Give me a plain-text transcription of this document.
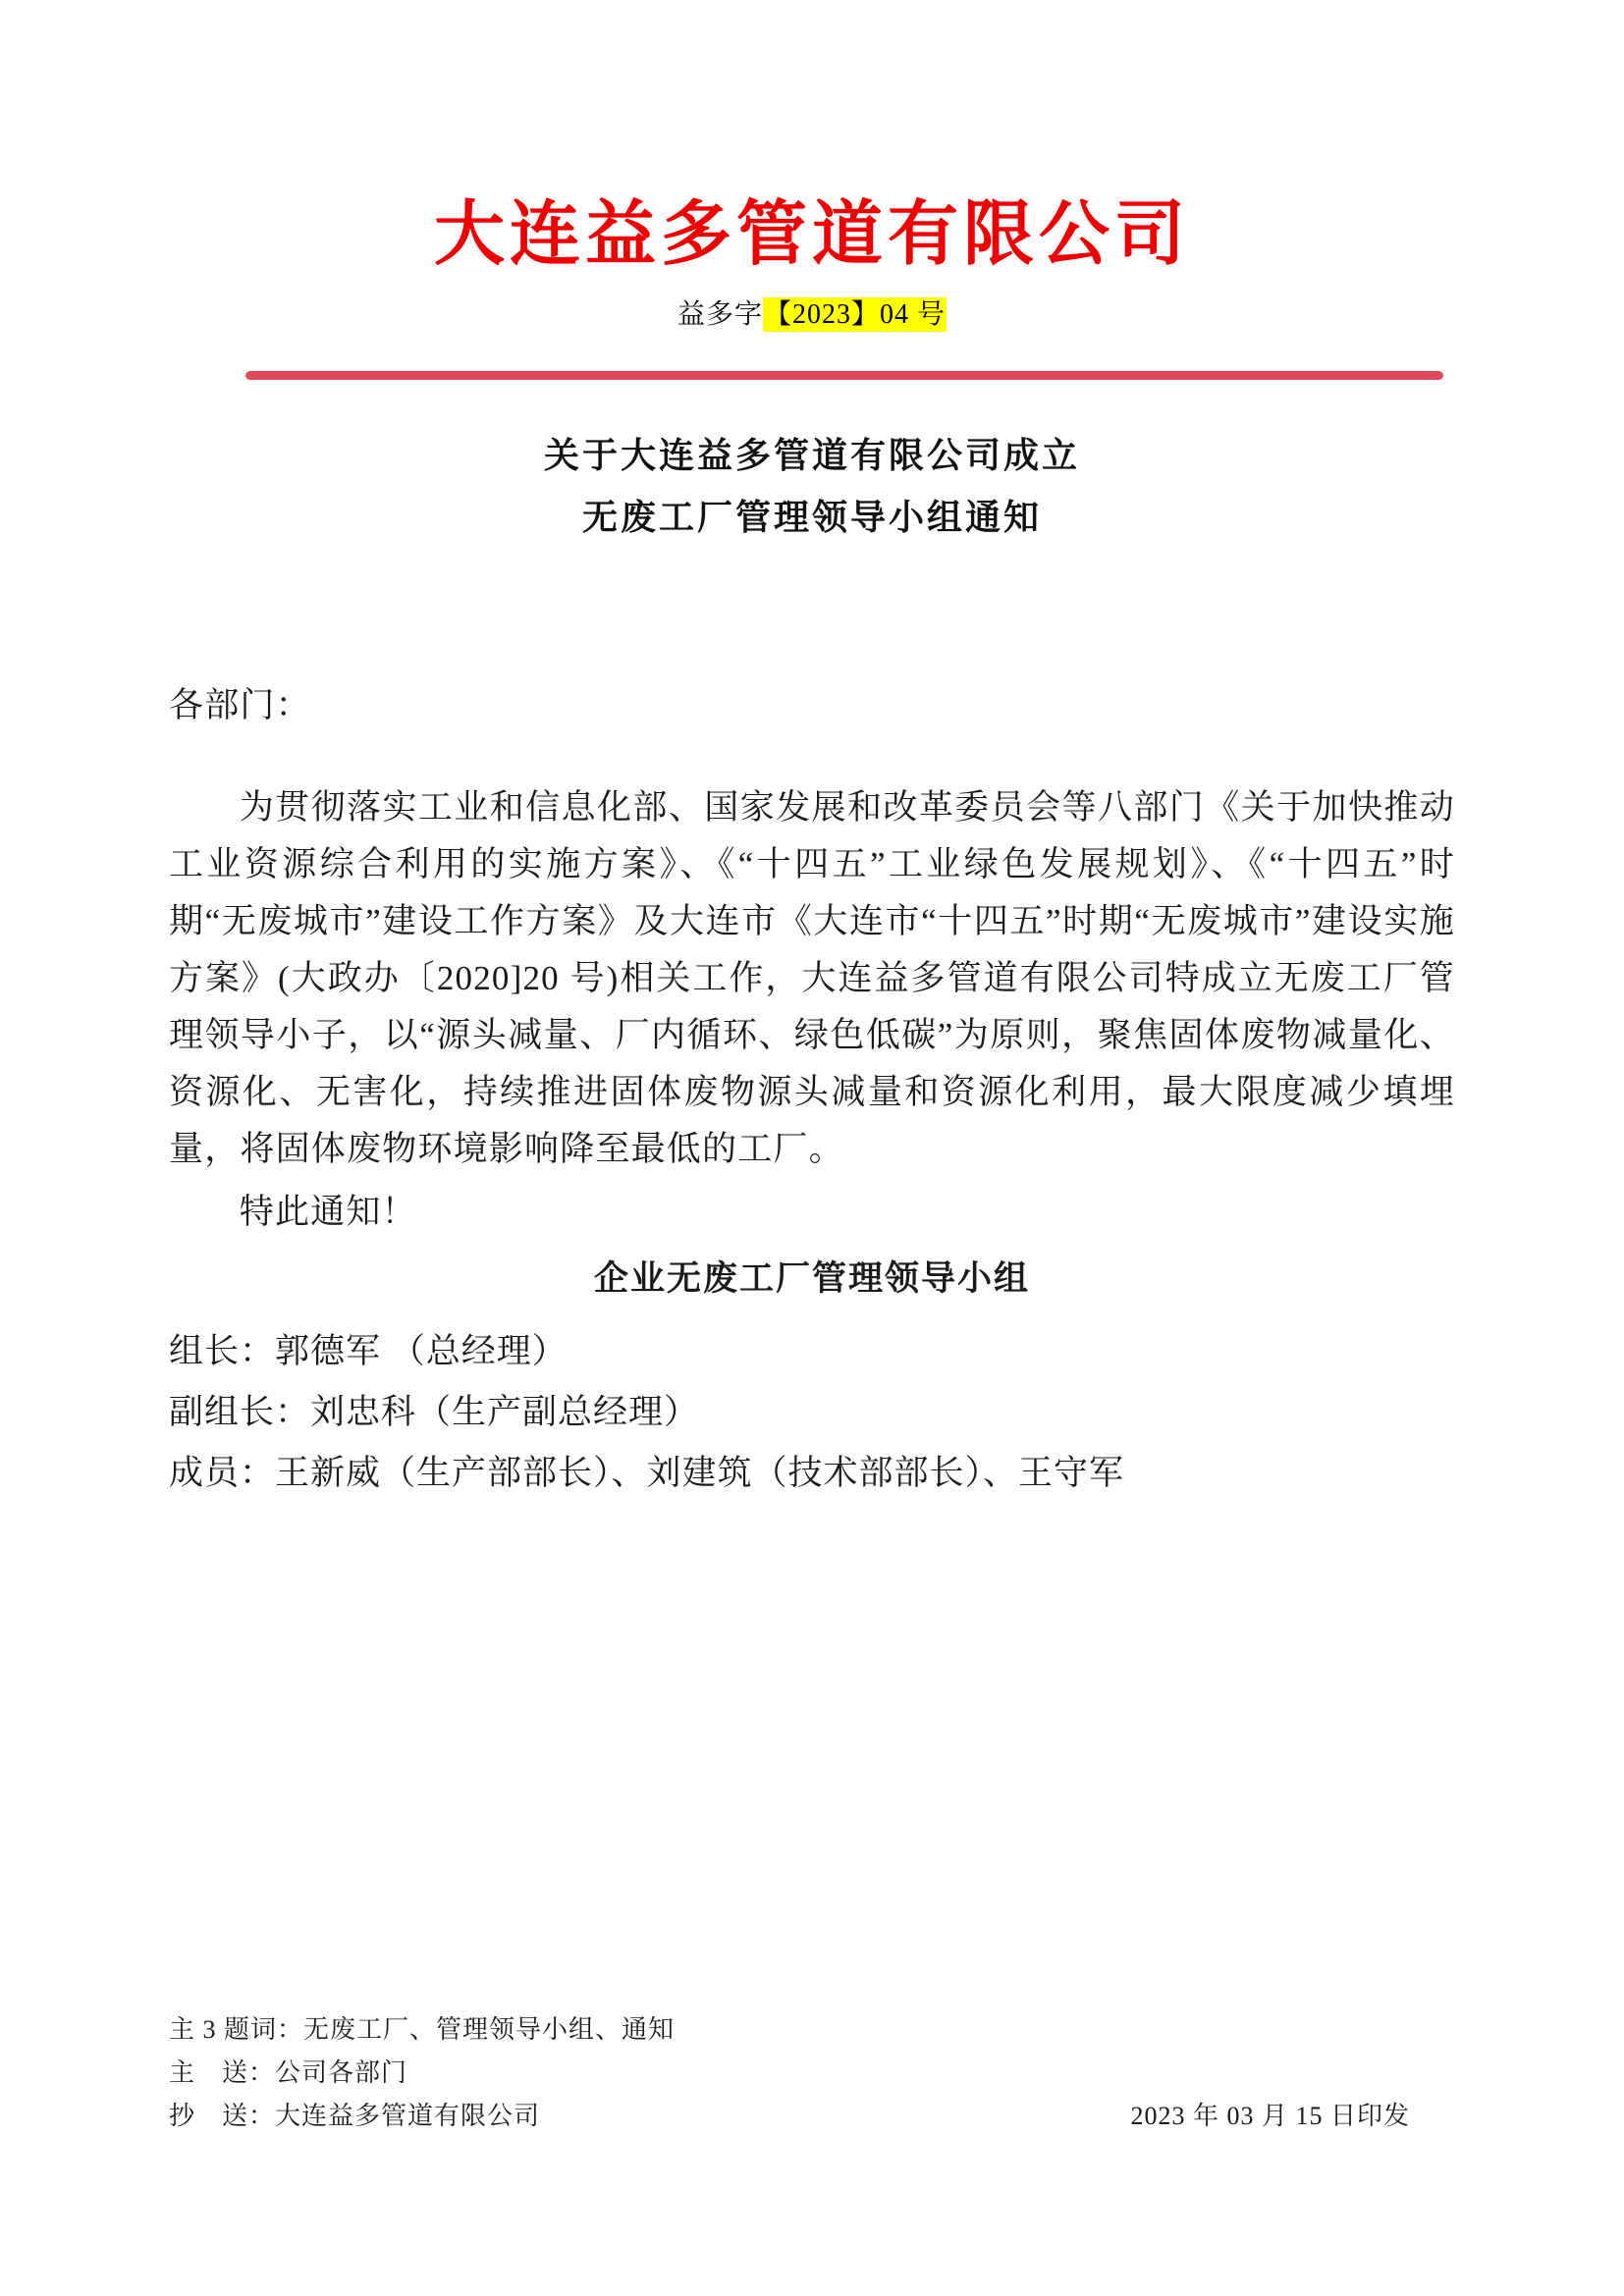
大连益多管道有限公司
益多字【2023】04 号
关于大连益多管道有限公司成立
无废工厂管理领导小组通知

各部门：

为贯彻落实工业和信息化部、国家发展和改革委员会等八部门《关于加快推动工业资源综合利用的实施方案》、《“十四五”工业绿色发展规划》、《“十四五”时期“无废城市”建设工作方案》及大连市《大连市“十四五”时期“无废城市”建设实施方案》(大政办〔2020]20 号)相关工作，大连益多管道有限公司特成立无废工厂管理领导小子，以“源头减量、厂内循环、绿色低碳”为原则，聚焦固体废物减量化、资源化、无害化，持续推进固体废物源头减量和资源化利用，最大限度减少填埋量，将固体废物环境影响降至最低的工厂。

特此通知！

企业无废工厂管理领导小组

组长：郭德军 （总经理）

副组长：刘忠科（生产副总经理）

成员：王新威（生产部部长）、刘建筑（技术部部长）、王守军

主 3 题词：无废工厂、管理领导小组、通知

主　送：公司各部门

抄　送：大连益多管道有限公司	2023 年 03 月 15 日印发
